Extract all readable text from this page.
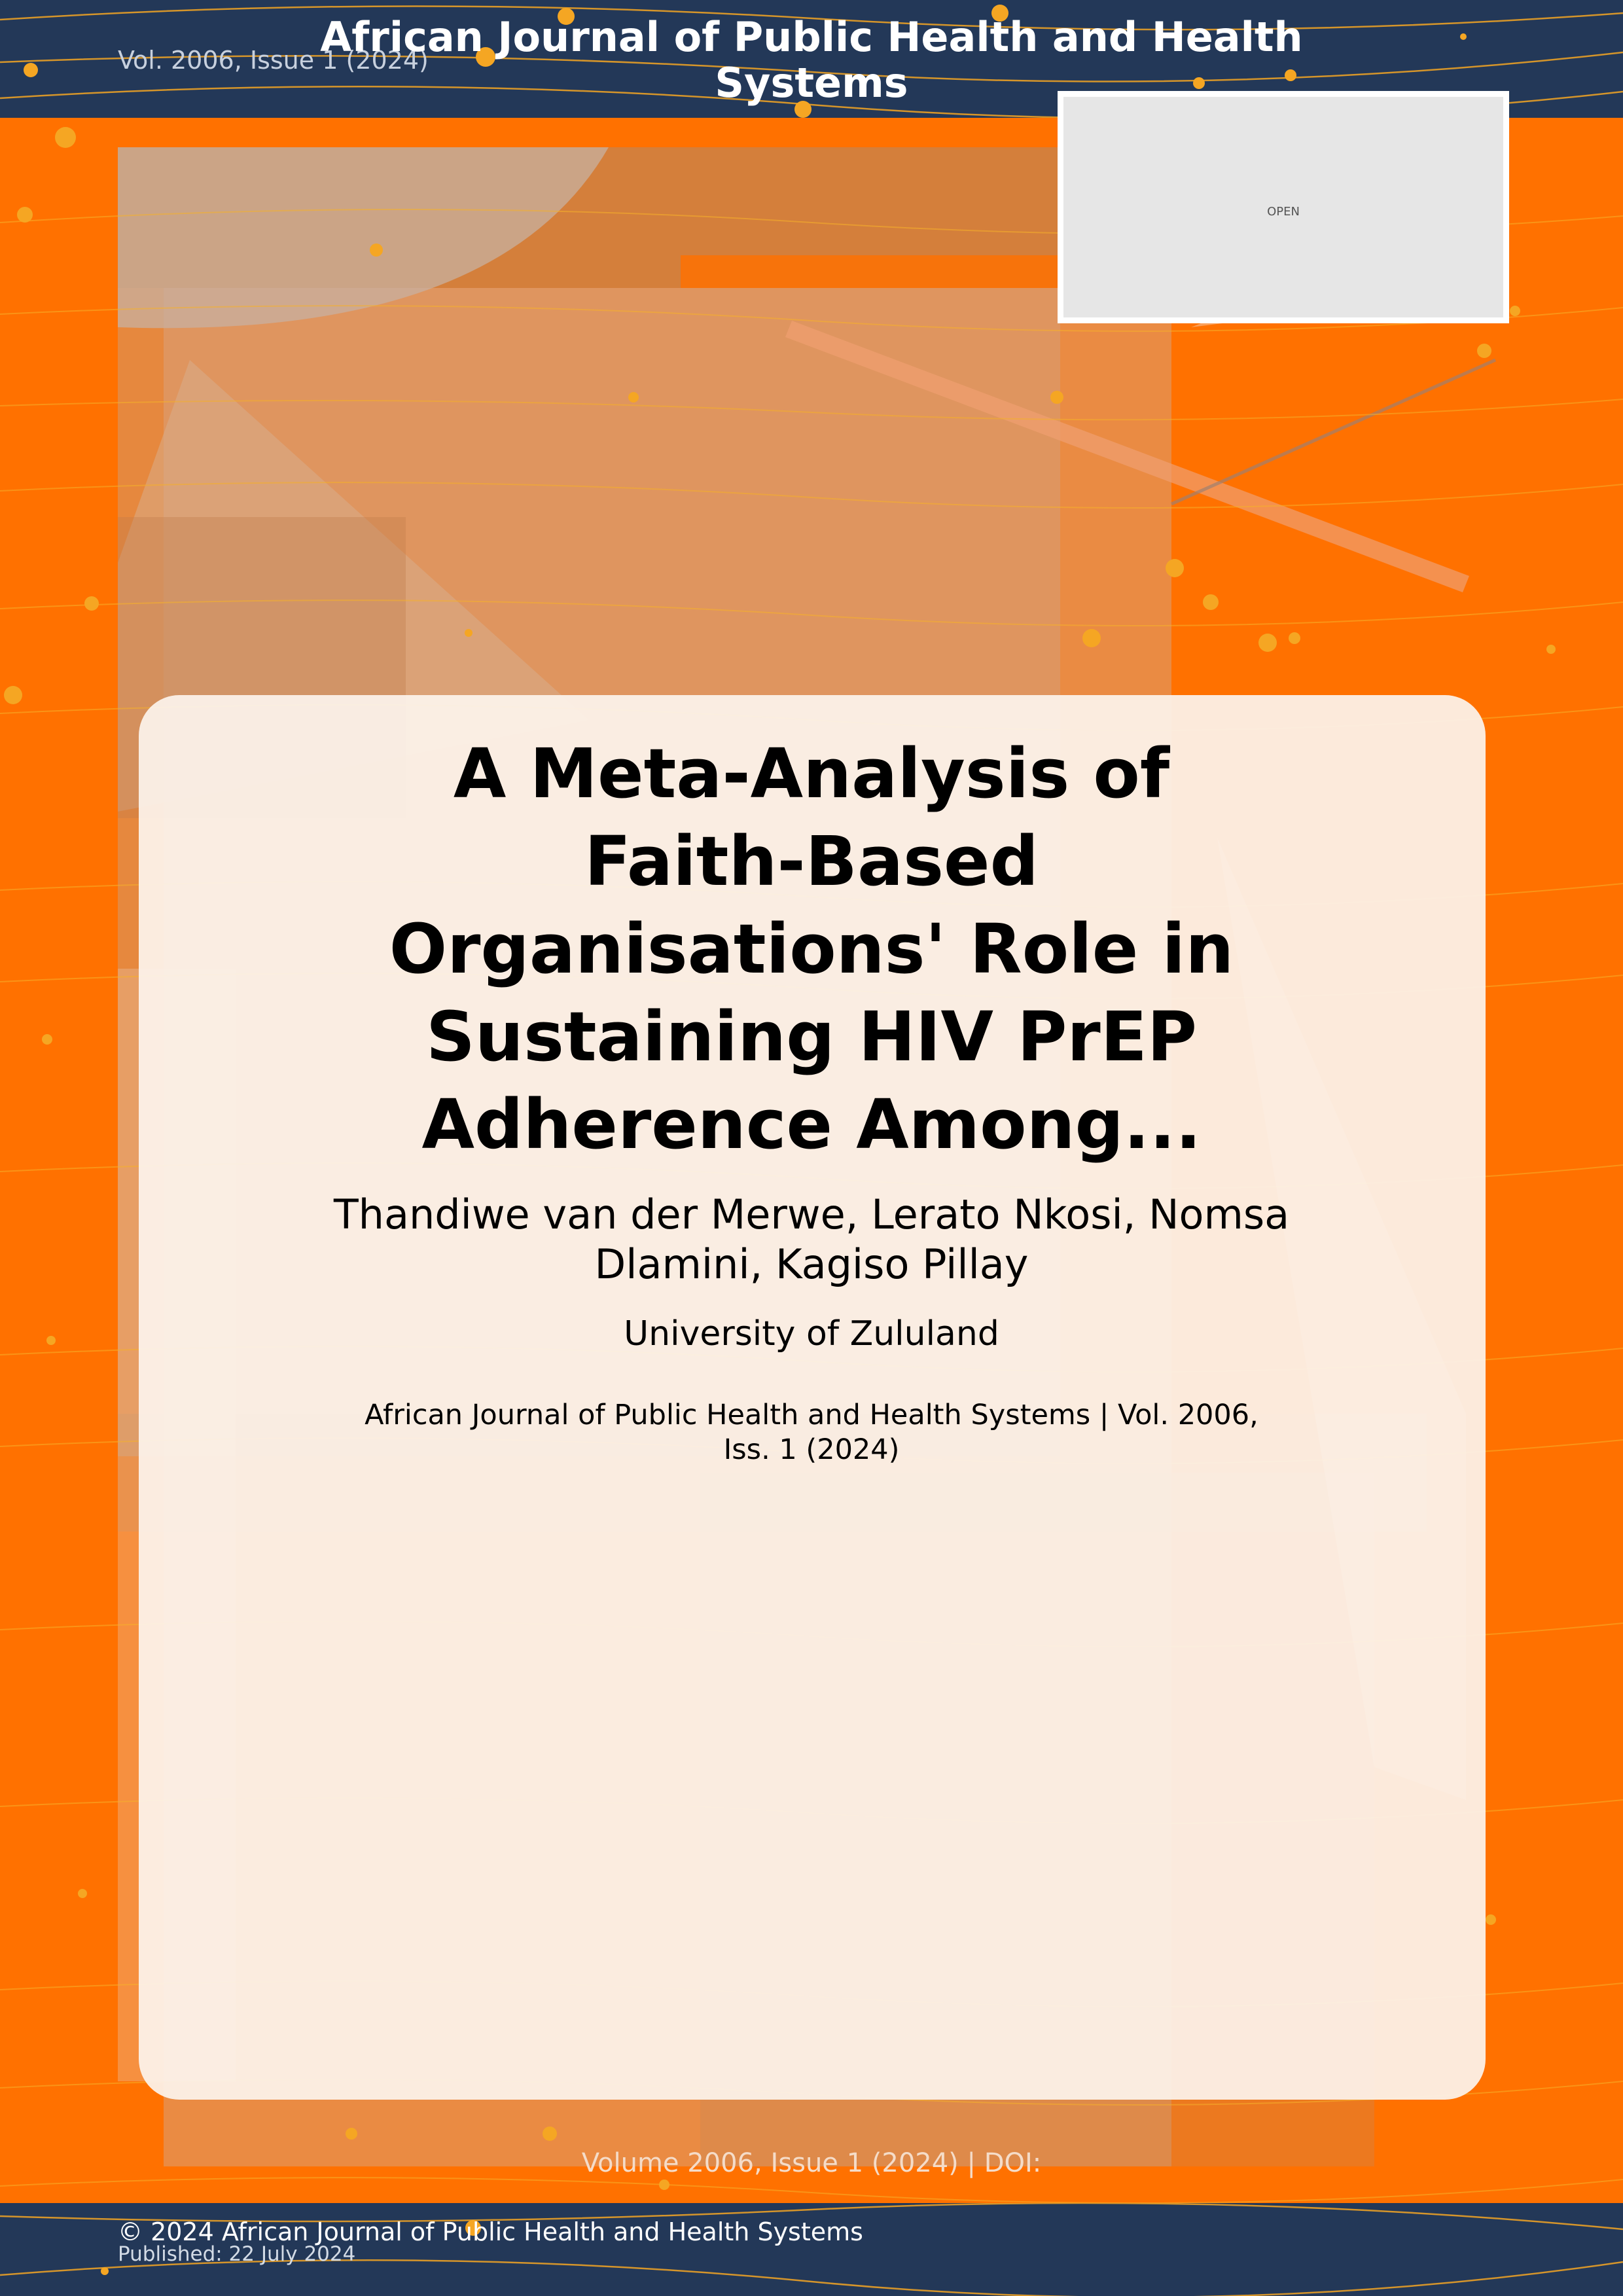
Vol. 2006, Issue 1 (2024)
African Journal of Public Health and Health Systems
OPEN
A Meta-Analysis of Faith-Based Organisations' Role in Sustaining HIV PrEP Adherence Among...
Thandiwe van der Merwe, Lerato Nkosi, Nomsa Dlamini, Kagiso Pillay
University of Zululand
African Journal of Public Health and Health Systems | Vol. 2006, Iss. 1 (2024)
Volume 2006, Issue 1 (2024) | DOI:
© 2024 African Journal of Public Health and Health Systems
Published: 22 July 2024
